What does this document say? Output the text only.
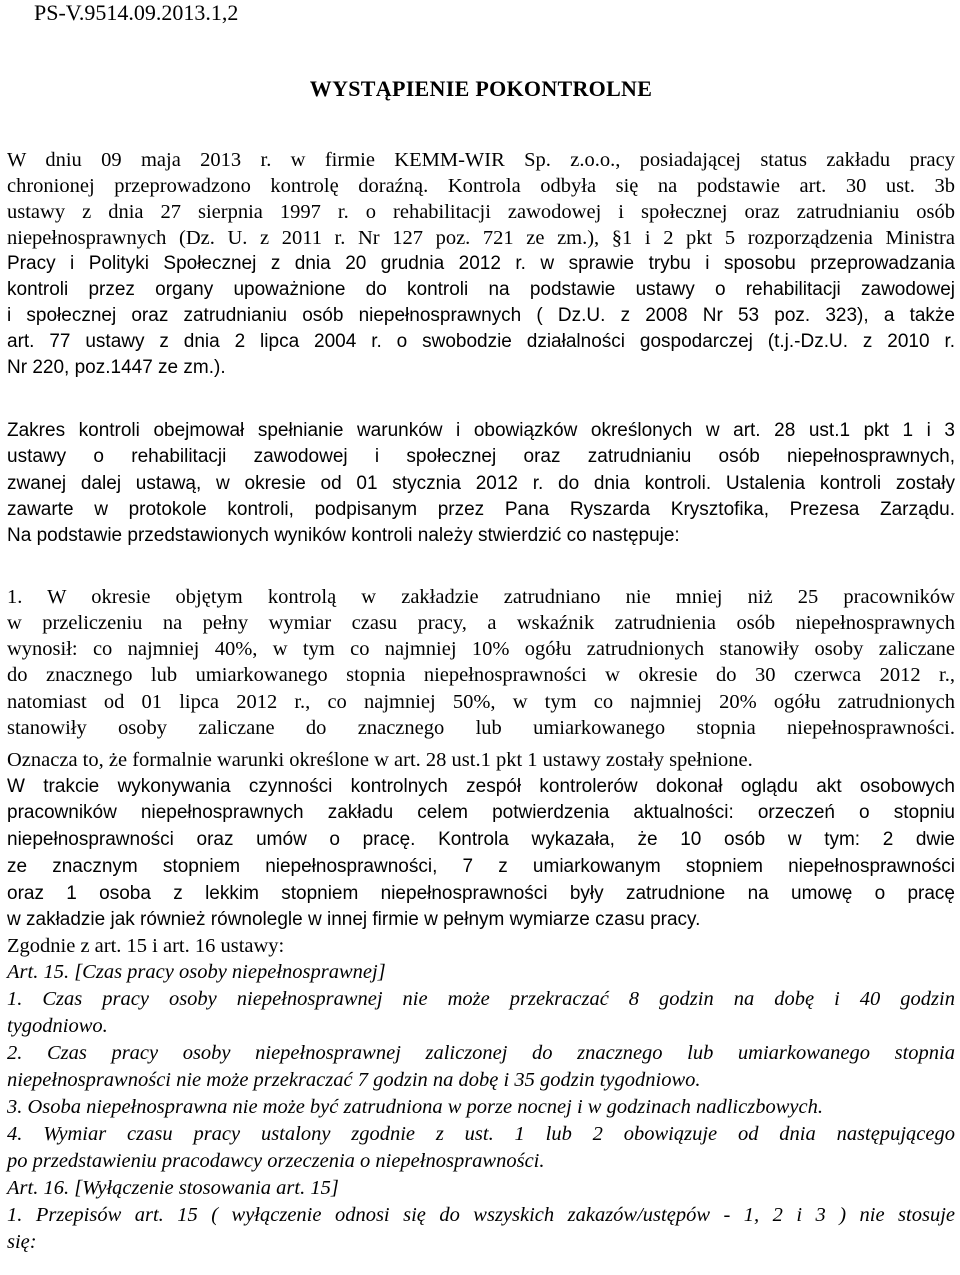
PS-V.9514.09.2013.1,2
WYSTĄPIENIE POKONTROLNE
W dniu 09 maja 2013 r. w firmie KEMM-WIR Sp. z.o.o., posiadającej status zakładu pracy
chronionej przeprowadzono kontrolę doraźną. Kontrola odbyła się na podstawie art. 30 ust. 3b
ustawy z dnia 27 sierpnia 1997 r. o rehabilitacji zawodowej i społecznej oraz zatrudnianiu osób
niepełnosprawnych (Dz. U. z 2011 r. Nr 127 poz. 721 ze zm.), §1 i 2 pkt 5 rozporządzenia Ministra
Pracy i Polityki Społecznej z dnia 20 grudnia 2012 r. w sprawie trybu i sposobu przeprowadzania
kontroli przez organy upoważnione do kontroli na podstawie ustawy o rehabilitacji zawodowej
i społecznej oraz zatrudnianiu osób niepełnosprawnych ( Dz.U. z 2008 Nr 53 poz. 323), a także
art. 77 ustawy z dnia 2 lipca 2004 r. o swobodzie działalności gospodarczej (t.j.-Dz.U. z 2010 r.
Nr 220, poz.1447 ze zm.).
Zakres kontroli obejmował spełnianie warunków i obowiązków określonych w art. 28 ust.1 pkt 1 i 3
ustawy o rehabilitacji zawodowej i społecznej oraz zatrudnianiu osób niepełnosprawnych,
zwanej dalej ustawą, w okresie od 01 stycznia 2012 r. do dnia kontroli. Ustalenia kontroli zostały
zawarte w protokole kontroli, podpisanym przez Pana Ryszarda Krysztofika, Prezesa Zarządu.
Na podstawie przedstawionych wyników kontroli należy stwierdzić co następuje:
1. W okresie objętym kontrolą w zakładzie zatrudniano nie mniej niż 25 pracowników
w przeliczeniu na pełny wymiar czasu pracy, a wskaźnik zatrudnienia osób niepełnosprawnych
wynosił: co najmniej 40%, w tym co najmniej 10% ogółu zatrudnionych stanowiły osoby zaliczane
do znacznego lub umiarkowanego stopnia niepełnosprawności w okresie do 30 czerwca 2012 r.,
natomiast od 01 lipca 2012 r., co najmniej 50%, w tym co najmniej 20% ogółu zatrudnionych
stanowiły osoby zaliczane do znacznego lub umiarkowanego stopnia niepełnosprawności.
Oznacza to, że formalnie warunki określone w art. 28 ust.1 pkt 1 ustawy zostały spełnione.
W trakcie wykonywania czynności kontrolnych zespół kontrolerów dokonał oglądu akt osobowych
pracowników niepełnosprawnych zakładu celem potwierdzenia aktualności: orzeczeń o stopniu
niepełnosprawności oraz umów o pracę. Kontrola wykazała, że 10 osób w tym: 2 dwie
ze znacznym stopniem niepełnosprawności, 7 z umiarkowanym stopniem niepełnosprawności
oraz 1 osoba z lekkim stopniem niepełnosprawności były zatrudnione na umowę o pracę
w zakładzie jak również równolegle w innej firmie w pełnym wymiarze czasu pracy.
Zgodnie z art. 15 i art. 16 ustawy:
Art. 15. [Czas pracy osoby niepełnosprawnej]
1. Czas pracy osoby niepełnosprawnej nie może przekraczać 8 godzin na dobę i 40 godzin
tygodniowo.
2. Czas pracy osoby niepełnosprawnej zaliczonej do znacznego lub umiarkowanego stopnia
niepełnosprawności nie może przekraczać 7 godzin na dobę i 35 godzin tygodniowo.
3. Osoba niepełnosprawna nie może być zatrudniona w porze nocnej i w godzinach nadliczbowych.
4. Wymiar czasu pracy ustalony zgodnie z ust. 1 lub 2 obowiązuje od dnia następującego
po przedstawieniu pracodawcy orzeczenia o niepełnosprawności.
Art. 16. [Wyłączenie stosowania art. 15]
1. Przepisów art. 15 ( wyłączenie odnosi się do wszyskich zakazów/ustępów - 1, 2 i 3 ) nie stosuje
się:
